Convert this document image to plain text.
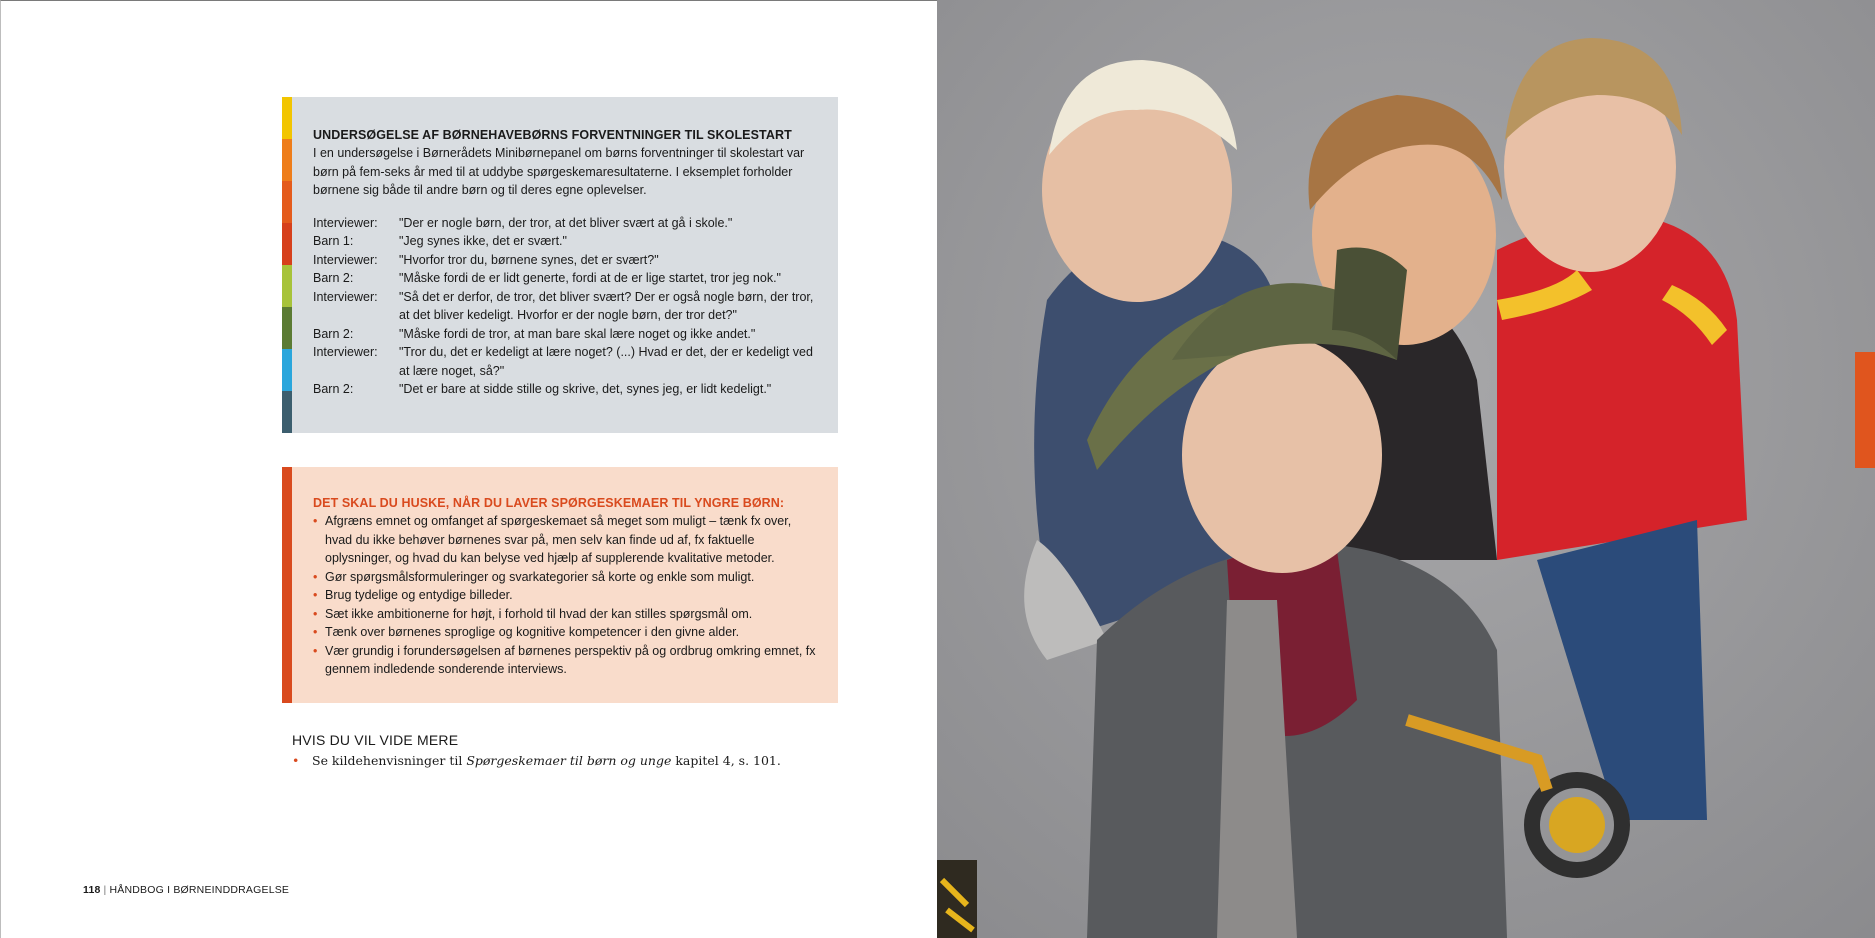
UNDERSØGELSE AF BØRNEHAVEBØRNS FORVENTNINGER TIL SKOLESTART

I en undersøgelse i Børnerådets Minibørnepanel om børns forventninger til skolestart var børn på fem-seks år med til at uddybe spørgeskemaresultaterne. I eksemplet forholder børnene sig både til andre børn og til deres egne oplevelser.

Interviewer:	"Der er nogle børn, der tror, at det bliver svært at gå i skole."
Barn 1:	"Jeg synes ikke, det er svært."
Interviewer:	"Hvorfor tror du, børnene synes, det er svært?"
Barn 2:	"Måske fordi de er lidt generte, fordi at de er lige startet, tror jeg nok."
Interviewer:	"Så det er derfor, de tror, det bliver svært? Der er også nogle børn, der tror, at det bliver kedeligt. Hvorfor er der nogle børn, der tror det?"
Barn 2:	"Måske fordi de tror, at man bare skal lære noget og ikke andet."
Interviewer:	"Tror du, det er kedeligt at lære noget? (...) Hvad er det, der er kedeligt ved at lære noget, så?"
Barn 2:	"Det er bare at sidde stille og skrive, det, synes jeg, er lidt kedeligt."
DET SKAL DU HUSKE, NÅR DU LAVER SPØRGESKEMAER TIL YNGRE BØRN:
• Afgræns emnet og omfanget af spørgeskemaet så meget som muligt – tænk fx over, hvad du ikke behøver børnenes svar på, men selv kan finde ud af, fx faktuelle oplysninger, og hvad du kan belyse ved hjælp af supplerende kvalitative metoder.
• Gør spørgsmålsformuleringer og svarkategorier så korte og enkle som muligt.
• Brug tydelige og entydige billeder.
• Sæt ikke ambitionerne for højt, i forhold til hvad der kan stilles spørgsmål om.
• Tænk over børnenes sproglige og kognitive kompetencer i den givne alder.
• Vær grundig i forundersøgelsen af børnenes perspektiv på og ordbrug omkring emnet, fx gennem indledende sonderende interviews.
HVIS DU VIL VIDE MERE
• Se kildehenvisninger til Spørgeskemaer til børn og unge kapitel 4, s. 101.
118 | HÅNDBOG I BØRNEINDDRAGELSE
